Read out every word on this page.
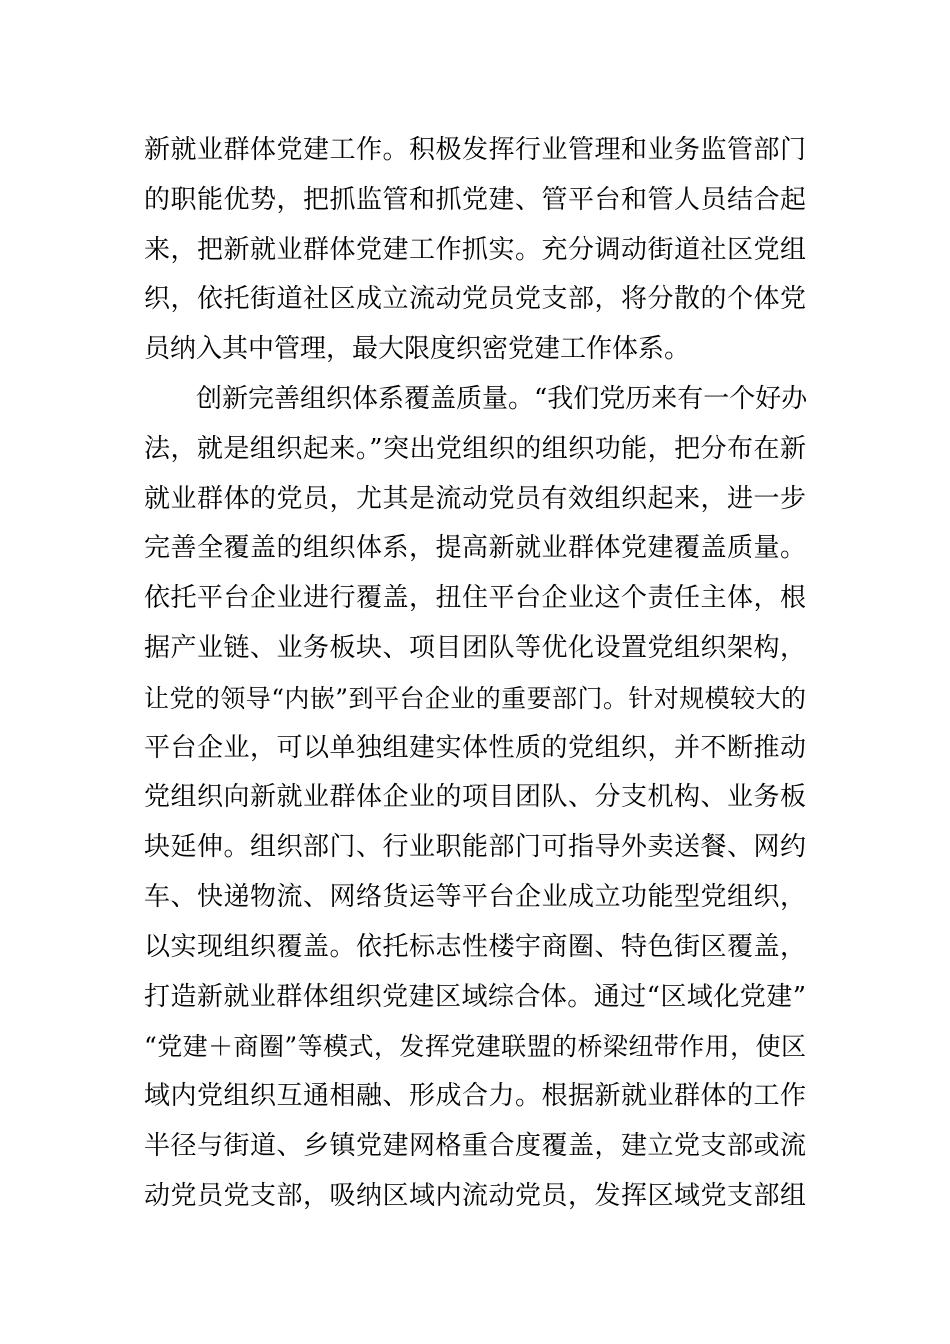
新就业群体党建工作。积极发挥行业管理和业务监管部门
的职能优势，把抓监管和抓党建、管平台和管人员结合起
来，把新就业群体党建工作抓实。充分调动街道社区党组
织，依托街道社区成立流动党员党支部，将分散的个体党
员纳入其中管理，最大限度织密党建工作体系。
创新完善组织体系覆盖质量。“我们党历来有一个好办
法，就是组织起来。”突出党组织的组织功能，把分布在新
就业群体的党员，尤其是流动党员有效组织起来，进一步
完善全覆盖的组织体系，提高新就业群体党建覆盖质量。
依托平台企业进行覆盖，扭住平台企业这个责任主体，根
据产业链、业务板块、项目团队等优化设置党组织架构，
让党的领导“内嵌”到平台企业的重要部门。针对规模较大的
平台企业，可以单独组建实体性质的党组织，并不断推动
党组织向新就业群体企业的项目团队、分支机构、业务板
块延伸。组织部门、行业职能部门可指导外卖送餐、网约
车、快递物流、网络货运等平台企业成立功能型党组织，
以实现组织覆盖。依托标志性楼宇商圈、特色街区覆盖，
打造新就业群体组织党建区域综合体。通过“区域化党建”
“党建＋商圈”等模式，发挥党建联盟的桥梁纽带作用，使区
域内党组织互通相融、形成合力。根据新就业群体的工作
半径与街道、乡镇党建网格重合度覆盖，建立党支部或流
动党员党支部，吸纳区域内流动党员，发挥区域党支部组
